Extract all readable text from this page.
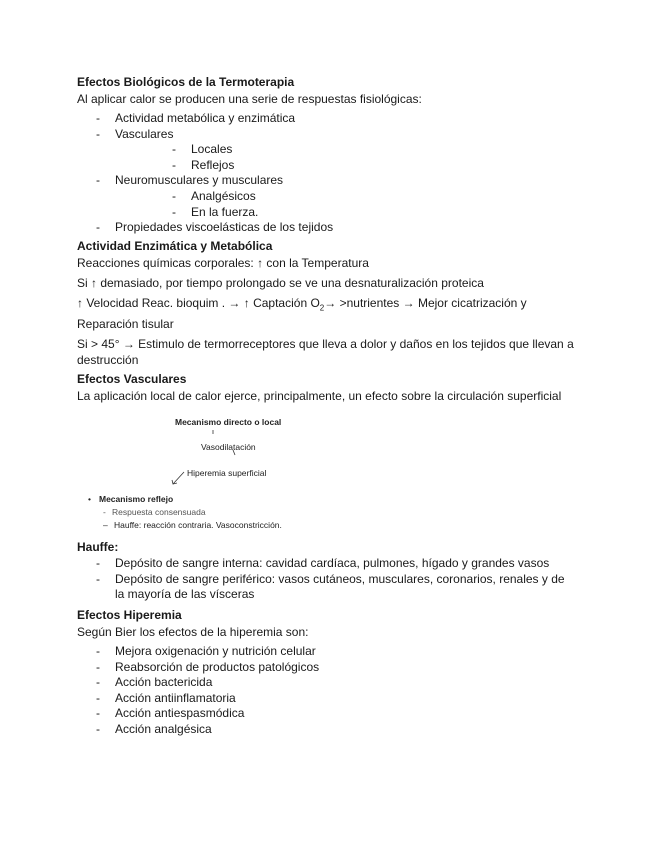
Efectos Biológicos de la Termoterapia

Al aplicar calor se producen una serie de respuestas fisiológicas:

- Actividad metabólica y enzimática
- Vasculares
- Locales
- Reflejos
- Neuromusculares y musculares
- Analgésicos
- En la fuerza.
- Propiedades viscoelásticas de los tejidos
Actividad Enzimática y Metabólica

Reacciones químicas corporales: ↑ con la Temperatura

Si ↑ demasiado, por tiempo prolongado se ve una desnaturalización proteica

↑ Velocidad Reac. bioquim . → ↑ Captación $O_2\to$ >nutrientes → Mejor cicatrización y Reparación tisular

Si > 45° → Estimulo de termorreceptores que lleva a dolor y daños en los tejidos que llevan a destrucción

Efectos Vasculares

La aplicación local de calor ejerce, principalmente, un efecto sobre la circulación superficial

Mecanismo directo o local
Vasodilatación
Hiperemia superficial
• Mecanismo reflejo
- Respuesta consensuada
– Hauffe: reacción contraria. Vasoconstricción.
Hauffe:
- Depósito de sangre interna: cavidad cardíaca, pulmones, hígado y grandes vasos
- Depósito de sangre periférico: vasos cutáneos, musculares, coronarios, renales y de la mayoría de las vísceras
Efectos Hiperemia

Según Bier los efectos de la hiperemia son:

- Mejora oxigenación y nutrición celular
- Reabsorción de productos patológicos
- Acción bactericida
- Acción antiinflamatoria
- Acción antiespasmódica
- Acción analgésica
